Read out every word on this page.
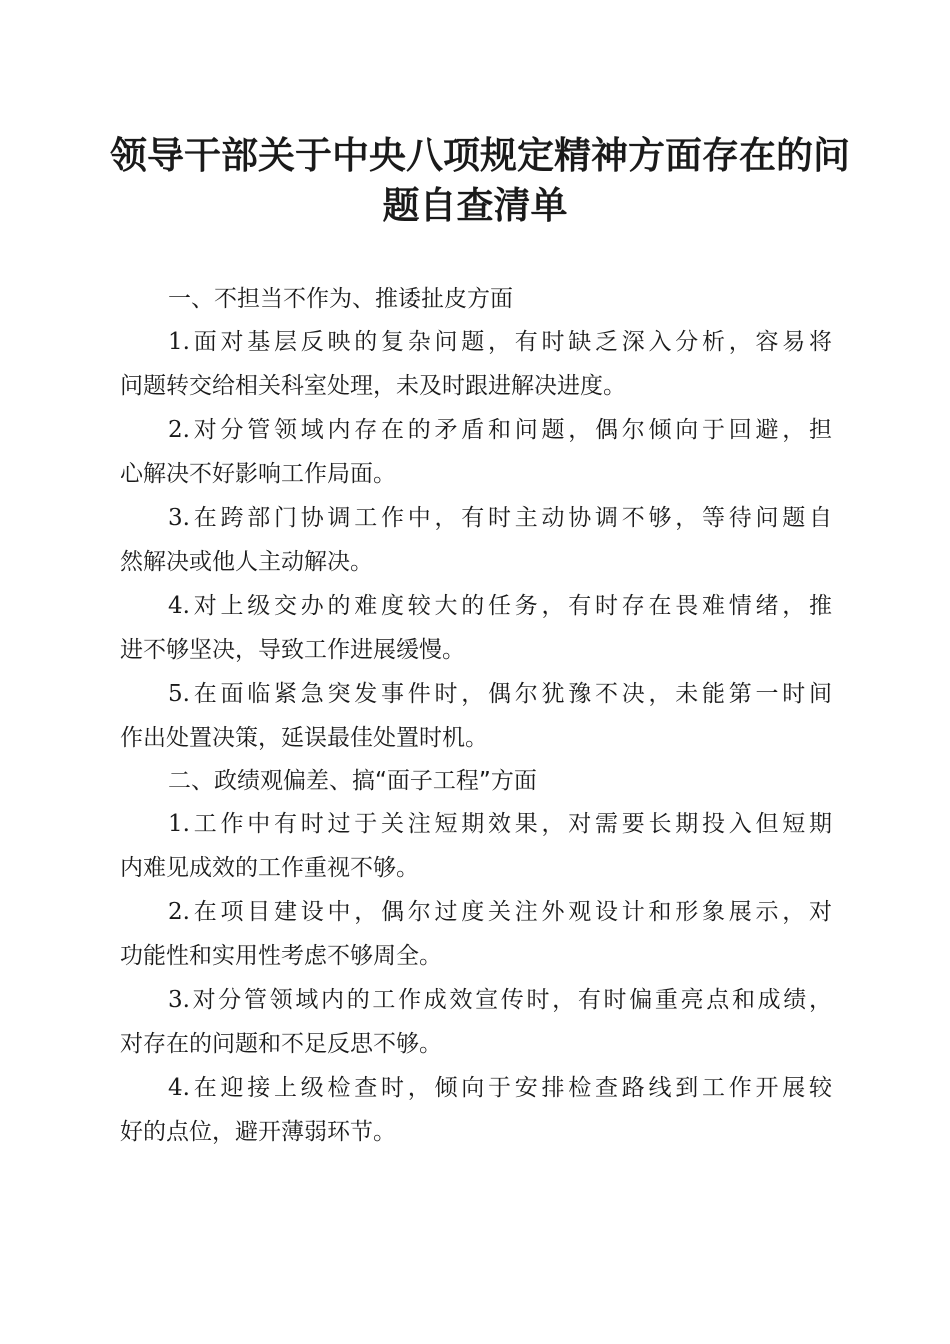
领导干部关于中央八项规定精神方面存在的问
题自查清单

一、不担当不作为、推诿扯皮方面

1.面对基层反映的复杂问题，有时缺乏深入分析，容易将
问题转交给相关科室处理，未及时跟进解决进度。
2.对分管领域内存在的矛盾和问题，偶尔倾向于回避，担
心解决不好影响工作局面。
3.在跨部门协调工作中，有时主动协调不够，等待问题自
然解决或他人主动解决。
4.对上级交办的难度较大的任务，有时存在畏难情绪，推
进不够坚决，导致工作进展缓慢。
5.在面临紧急突发事件时，偶尔犹豫不决，未能第一时间
作出处置决策，延误最佳处置时机。

二、政绩观偏差、搞“面子工程”方面

1.工作中有时过于关注短期效果，对需要长期投入但短期
内难见成效的工作重视不够。
2.在项目建设中，偶尔过度关注外观设计和形象展示，对
功能性和实用性考虑不够周全。
3.对分管领域内的工作成效宣传时，有时偏重亮点和成绩，
对存在的问题和不足反思不够。
4.在迎接上级检查时，倾向于安排检查路线到工作开展较
好的点位，避开薄弱环节。
